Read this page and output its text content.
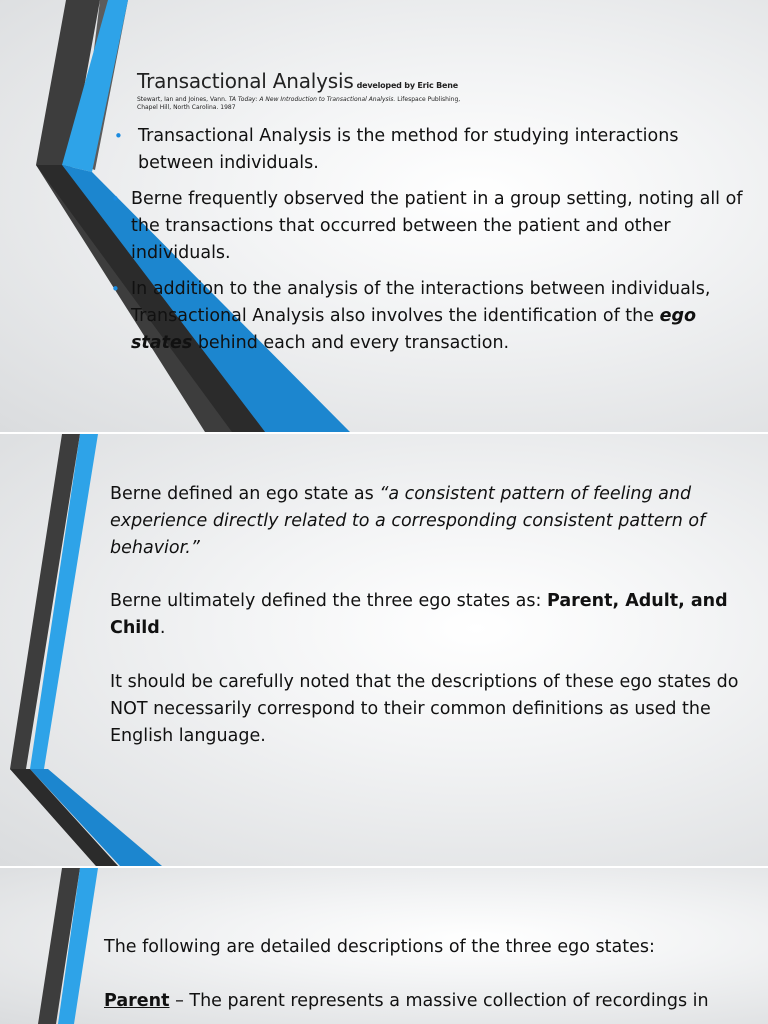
Transactional Analysis developed by Eric Bene
Stewart, Ian and Joines, Vann. TA Today: A New Introduction to Transactional Analysis. Lifespace Publishing, Chapel Hill, North Carolina. 1987
• Transactional Analysis is the method for studying interactions between individuals.
• Berne frequently observed the patient in a group setting, noting all of the transactions that occurred between the patient and other individuals.
• In addition to the analysis of the interactions between individuals, Transactional Analysis also involves the identification of the ego states behind each and every transaction.
Berne defined an ego state as “a consistent pattern of feeling and experience directly related to a corresponding consistent pattern of behavior.”
Berne ultimately defined the three ego states as: Parent, Adult, and Child.
It should be carefully noted that the descriptions of these ego states do NOT necessarily correspond to their common definitions as used the English language.
The following are detailed descriptions of the three ego states:
Parent – The parent represents a massive collection of recordings in
